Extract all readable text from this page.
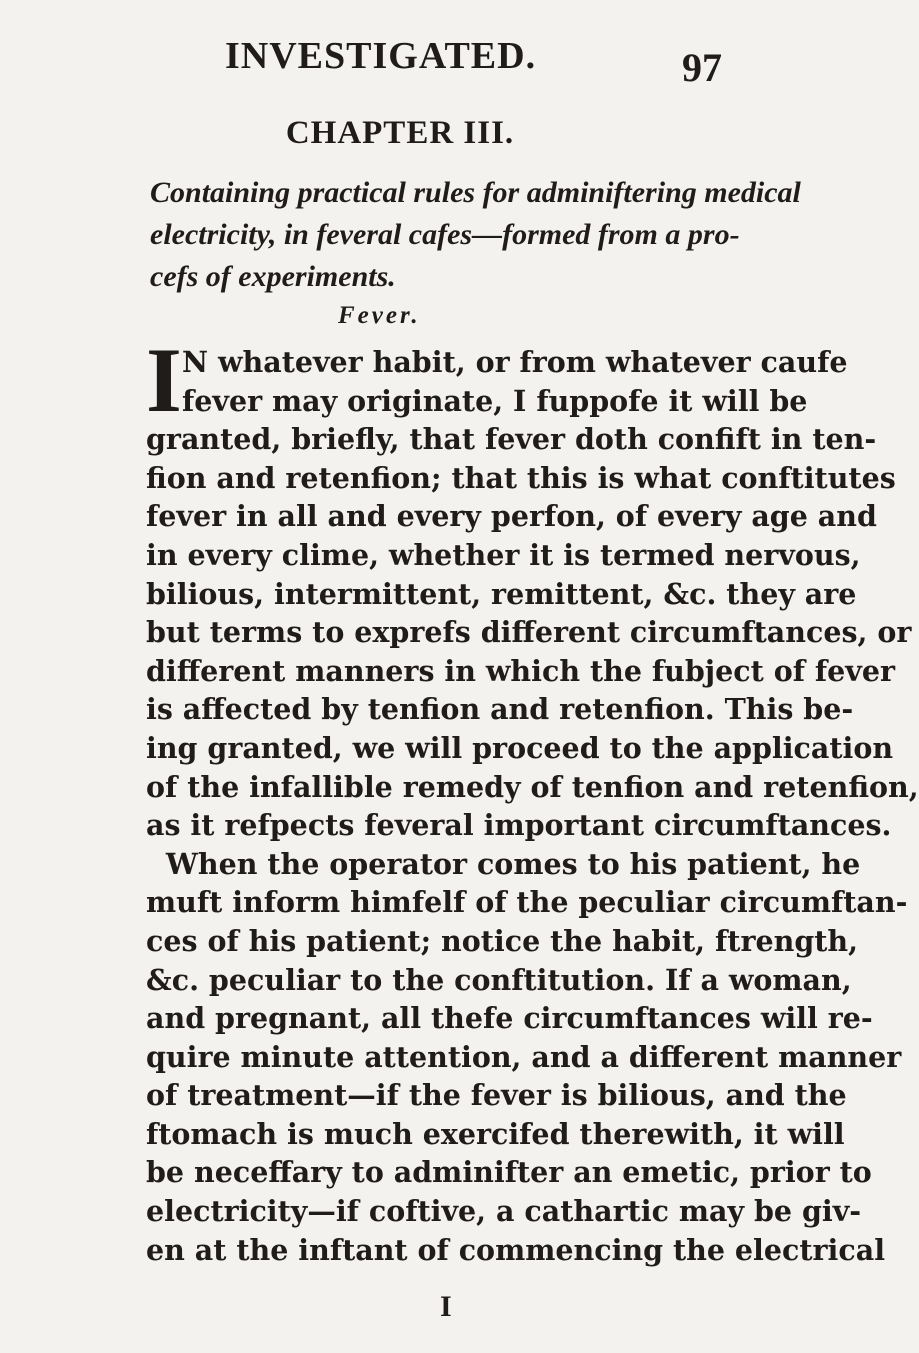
INVESTIGATED.	97
CHAPTER III.
Containing practical rules for adminiftering medical
electricity, in feveral cafes—formed from a pro-
cefs of experiments.
Fever.
I N whatever habit, or from whatever caufe
fever may originate, I fuppofe it will be
granted, briefly, that fever doth confift in ten-
fion and retenfion; that this is what conftitutes
fever in all and every perfon, of every age and
in every clime, whether it is termed nervous,
bilious, intermittent, remittent, &c. they are
but terms to exprefs different circumftances, or
different manners in which the fubject of fever
is affected by tenfion and retenfion. This be-
ing granted, we will proceed to the application
of the infallible remedy of tenfion and retenfion,
as it refpects feveral important circumftances.
When the operator comes to his patient, he
muft inform himfelf of the peculiar circumftan-
ces of his patient; notice the habit, ftrength,
&c. peculiar to the conftitution. If a woman,
and pregnant, all thefe circumftances will re-
quire minute attention, and a different manner
of treatment—if the fever is bilious, and the
ftomach is much exercifed therewith, it will
be neceffary to adminifter an emetic, prior to
electricity—if coftive, a cathartic may be giv-
en at the inftant of commencing the electrical
I
